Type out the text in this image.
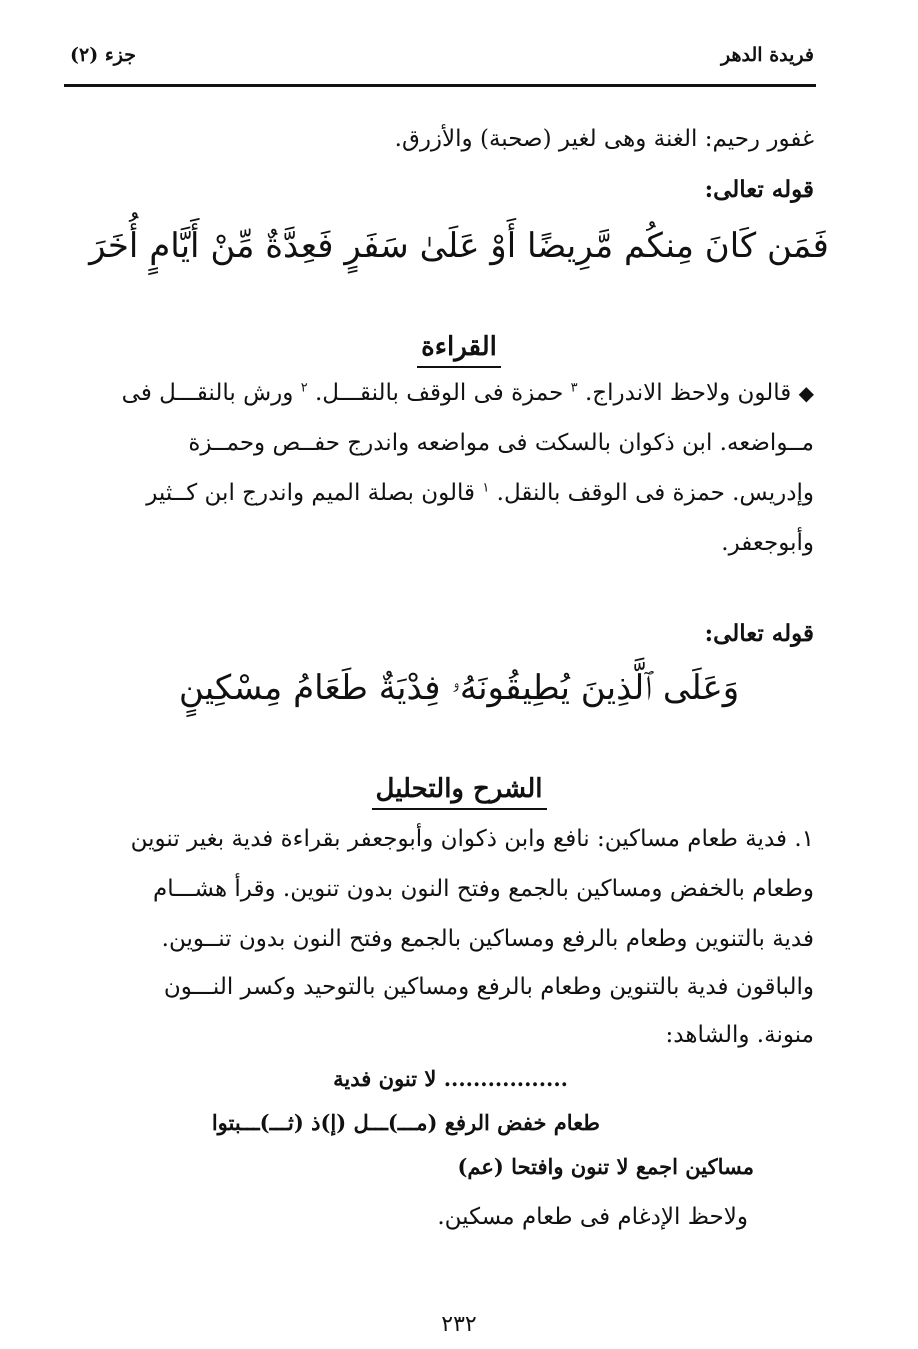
فريدة الدهر
جزء (٢)
غفور رحيم: الغنة وهى لغير (صحبة) والأزرق.
قوله تعالى:
فَمَن كَانَ مِنكُم مَّرِيضًا أَوْ عَلَىٰ سَفَرٍ فَعِدَّةٌ مِّنْ أَيَّامٍ أُخَرَ
القراءة
◆ قالون ولاحظ الاندراج. $^٣$ حمزة فى الوقف بالنقـــل. $^٢$ ورش بالنقـــل فى
مــواضعه. ابن ذكوان بالسكت فى مواضعه واندرج حفــص وحمــزة
وإدريس. حمزة فى الوقف بالنقل. $^١$ قالون بصلة الميم واندرج ابن كــثير
وأبوجعفر.
قوله تعالى:
وَعَلَى ٱلَّذِينَ يُطِيقُونَهُۥ فِدْيَةٌ طَعَامُ مِسْكِينٍ
الشرح والتحليل
١. فدية طعام مساكين: نافع وابن ذكوان وأبوجعفر بقراءة فدية بغير تنوين
وطعام بالخفض ومساكين بالجمع وفتح النون بدون تنوين. وقرأ هشـــام
فدية بالتنوين وطعام بالرفع ومساكين بالجمع وفتح النون بدون تنــوين.
والباقون فدية بالتنوين وطعام بالرفع ومساكين بالتوحيد وكسر النـــون
منونة. والشاهد:
................. لا تنون فدية
طعام خفض الرفع (مـــ)ـــل (إ)ذ (ثـــ)ـــبتوا
مساكين اجمع لا تنون وافتحا (عم)
ولاحظ الإدغام فى طعام مسكين.
٢٣٢
